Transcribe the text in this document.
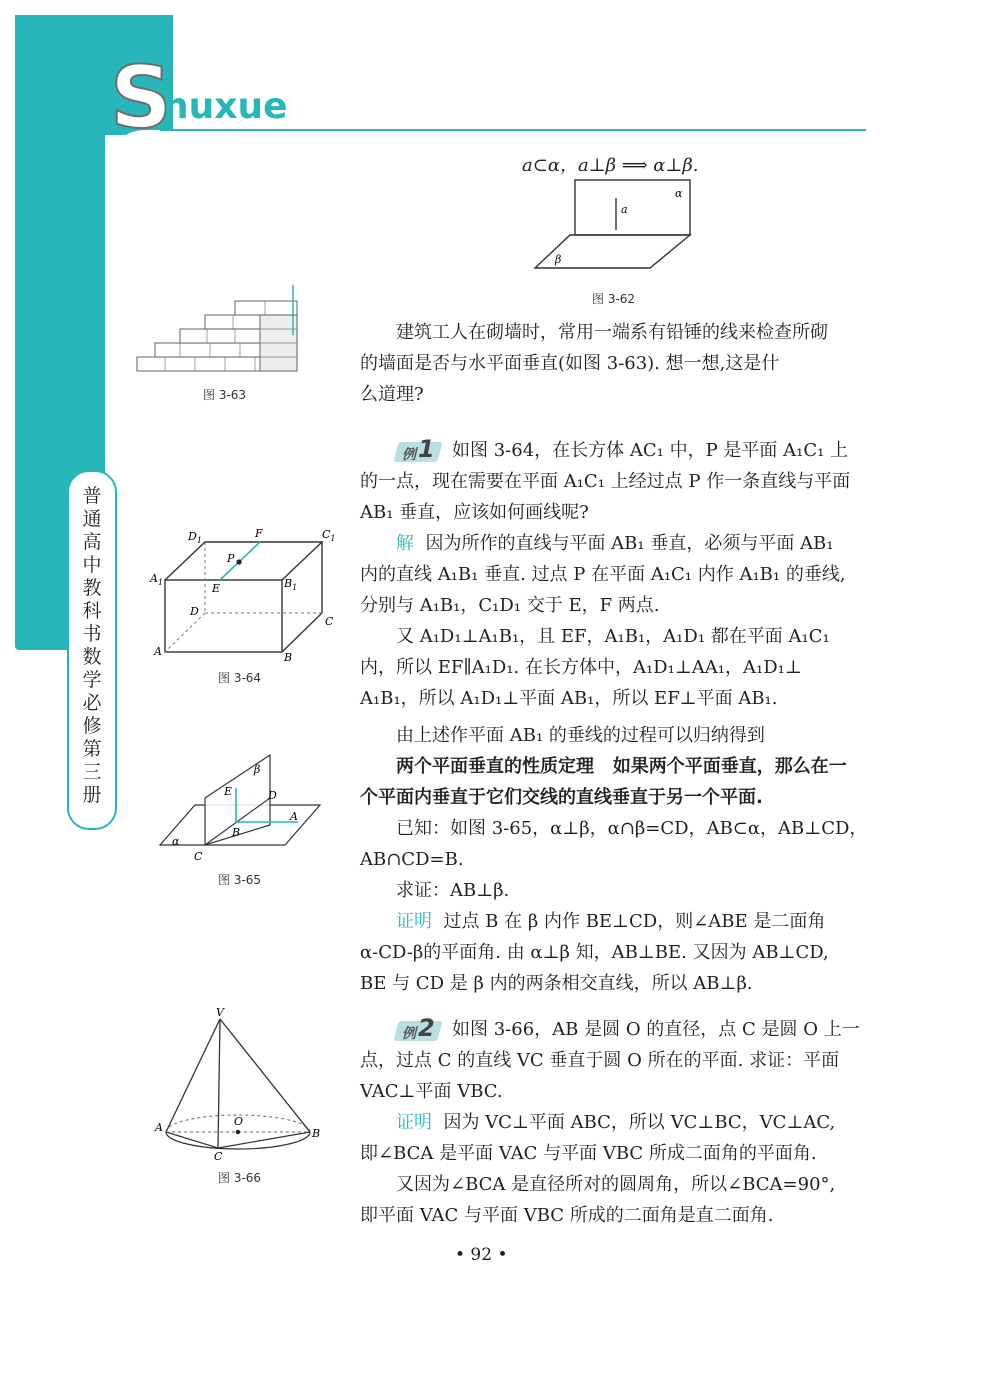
S
huxue
普通高中教科书 数学 必修 第三册
a⊂α，a⊥β ⟹ α⊥β.
a
α
β
图 3-62
图 3-63
建筑工人在砌墙时，常用一端系有铅锤的线来检查所砌
的墙面是否与水平面垂直(如图 3-63). 想一想,这是什
么道理?
例 1 如图 3-64，在长方体 AC₁ 中，P 是平面 A₁C₁ 上
的一点，现在需要在平面 A₁C₁ 上经过点 P 作一条直线与平面
AB₁ 垂直，应该如何画线呢?
解 因为所作的直线与平面 AB₁ 垂直，必须与平面 AB₁
内的直线 A₁B₁ 垂直. 过点 P 在平面 A₁C₁ 内作 A₁B₁ 的垂线,
分别与 A₁B₁，C₁D₁ 交于 E，F 两点.
又 A₁D₁⊥A₁B₁，且 EF，A₁B₁，A₁D₁ 都在平面 A₁C₁
内，所以 EF∥A₁D₁. 在长方体中，A₁D₁⊥AA₁，A₁D₁⊥
A₁B₁，所以 A₁D₁⊥平面 AB₁，所以 EF⊥平面 AB₁.
$D_1$
F	$C_1$
P
$A_1$	E	$B_1$
D
C
A	B
图 3-64
由上述作平面 AB₁ 的垂线的过程可以归纳得到
两个平面垂直的性质定理 如果两个平面垂直，那么在一
个平面内垂直于它们交线的直线垂直于另一个平面.
已知：如图 3-65，α⊥β，α∩β=CD，AB⊂α，AB⊥CD，
AB∩CD=B.
求证：AB⊥β.
证明 过点 B 在 β 内作 BE⊥CD，则∠ABE 是二面角
α-CD-β的平面角. 由 α⊥β 知，AB⊥BE. 又因为 AB⊥CD,
BE 与 CD 是 β 内的两条相交直线，所以 AB⊥β.
β
E	D
A
B
α
C
图 3-65
例 2 如图 3-66，AB 是圆 O 的直径，点 C 是圆 O 上一
点，过点 C 的直线 VC 垂直于圆 O 所在的平面. 求证：平面
VAC⊥平面 VBC.
证明 因为 VC⊥平面 ABC，所以 VC⊥BC，VC⊥AC,
即∠BCA 是平面 VAC 与平面 VBC 所成二面角的平面角.
又因为∠BCA 是直径所对的圆周角，所以∠BCA=90°,
即平面 VAC 与平面 VBC 所成的二面角是直二面角.
V
O
A	B
C
图 3-66
• 92 •
